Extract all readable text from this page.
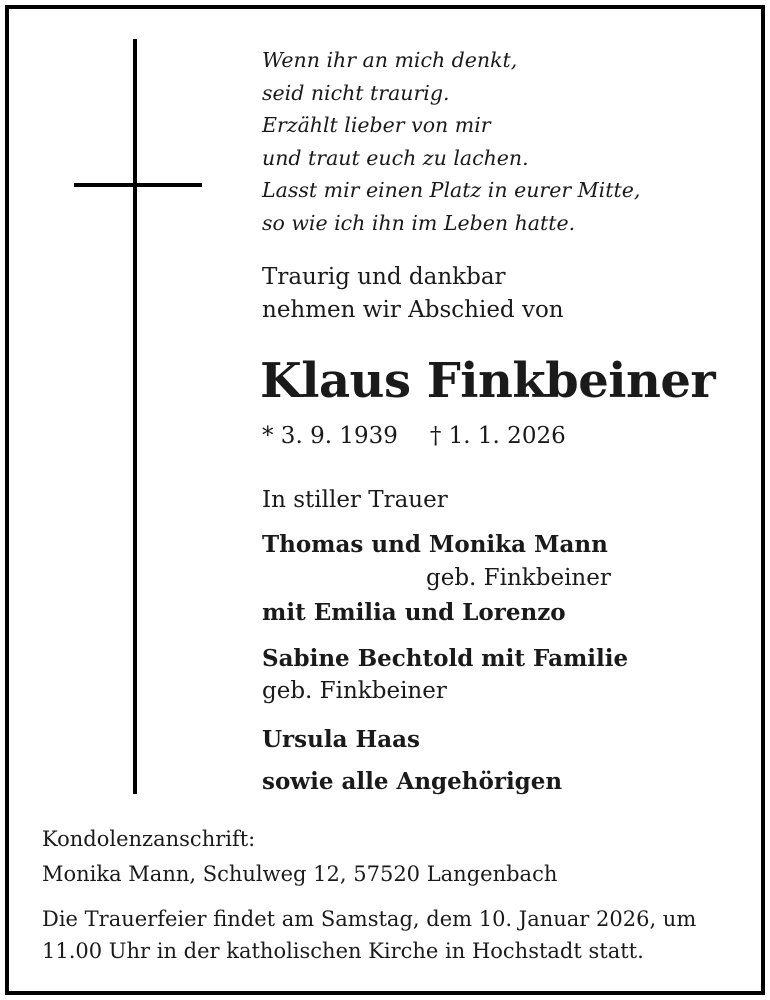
Wenn ihr an mich denkt,
seid nicht traurig.
Erzählt lieber von mir
und traut euch zu lachen.
Lasst mir einen Platz in eurer Mitte,
so wie ich ihn im Leben hatte.
Traurig und dankbar
nehmen wir Abschied von
Klaus Finkbeiner
* 3. 9. 1939 † 1. 1. 2026
In stiller Trauer
Thomas und Monika Mann
geb. Finkbeiner
mit Emilia und Lorenzo
Sabine Bechtold mit Familie
geb. Finkbeiner
Ursula Haas
sowie alle Angehörigen
Kondolenzanschrift:
Monika Mann, Schulweg 12, 57520 Langenbach
Die Trauerfeier findet am Samstag, dem 10. Januar 2026, um
11.00 Uhr in der katholischen Kirche in Hochstadt statt.
